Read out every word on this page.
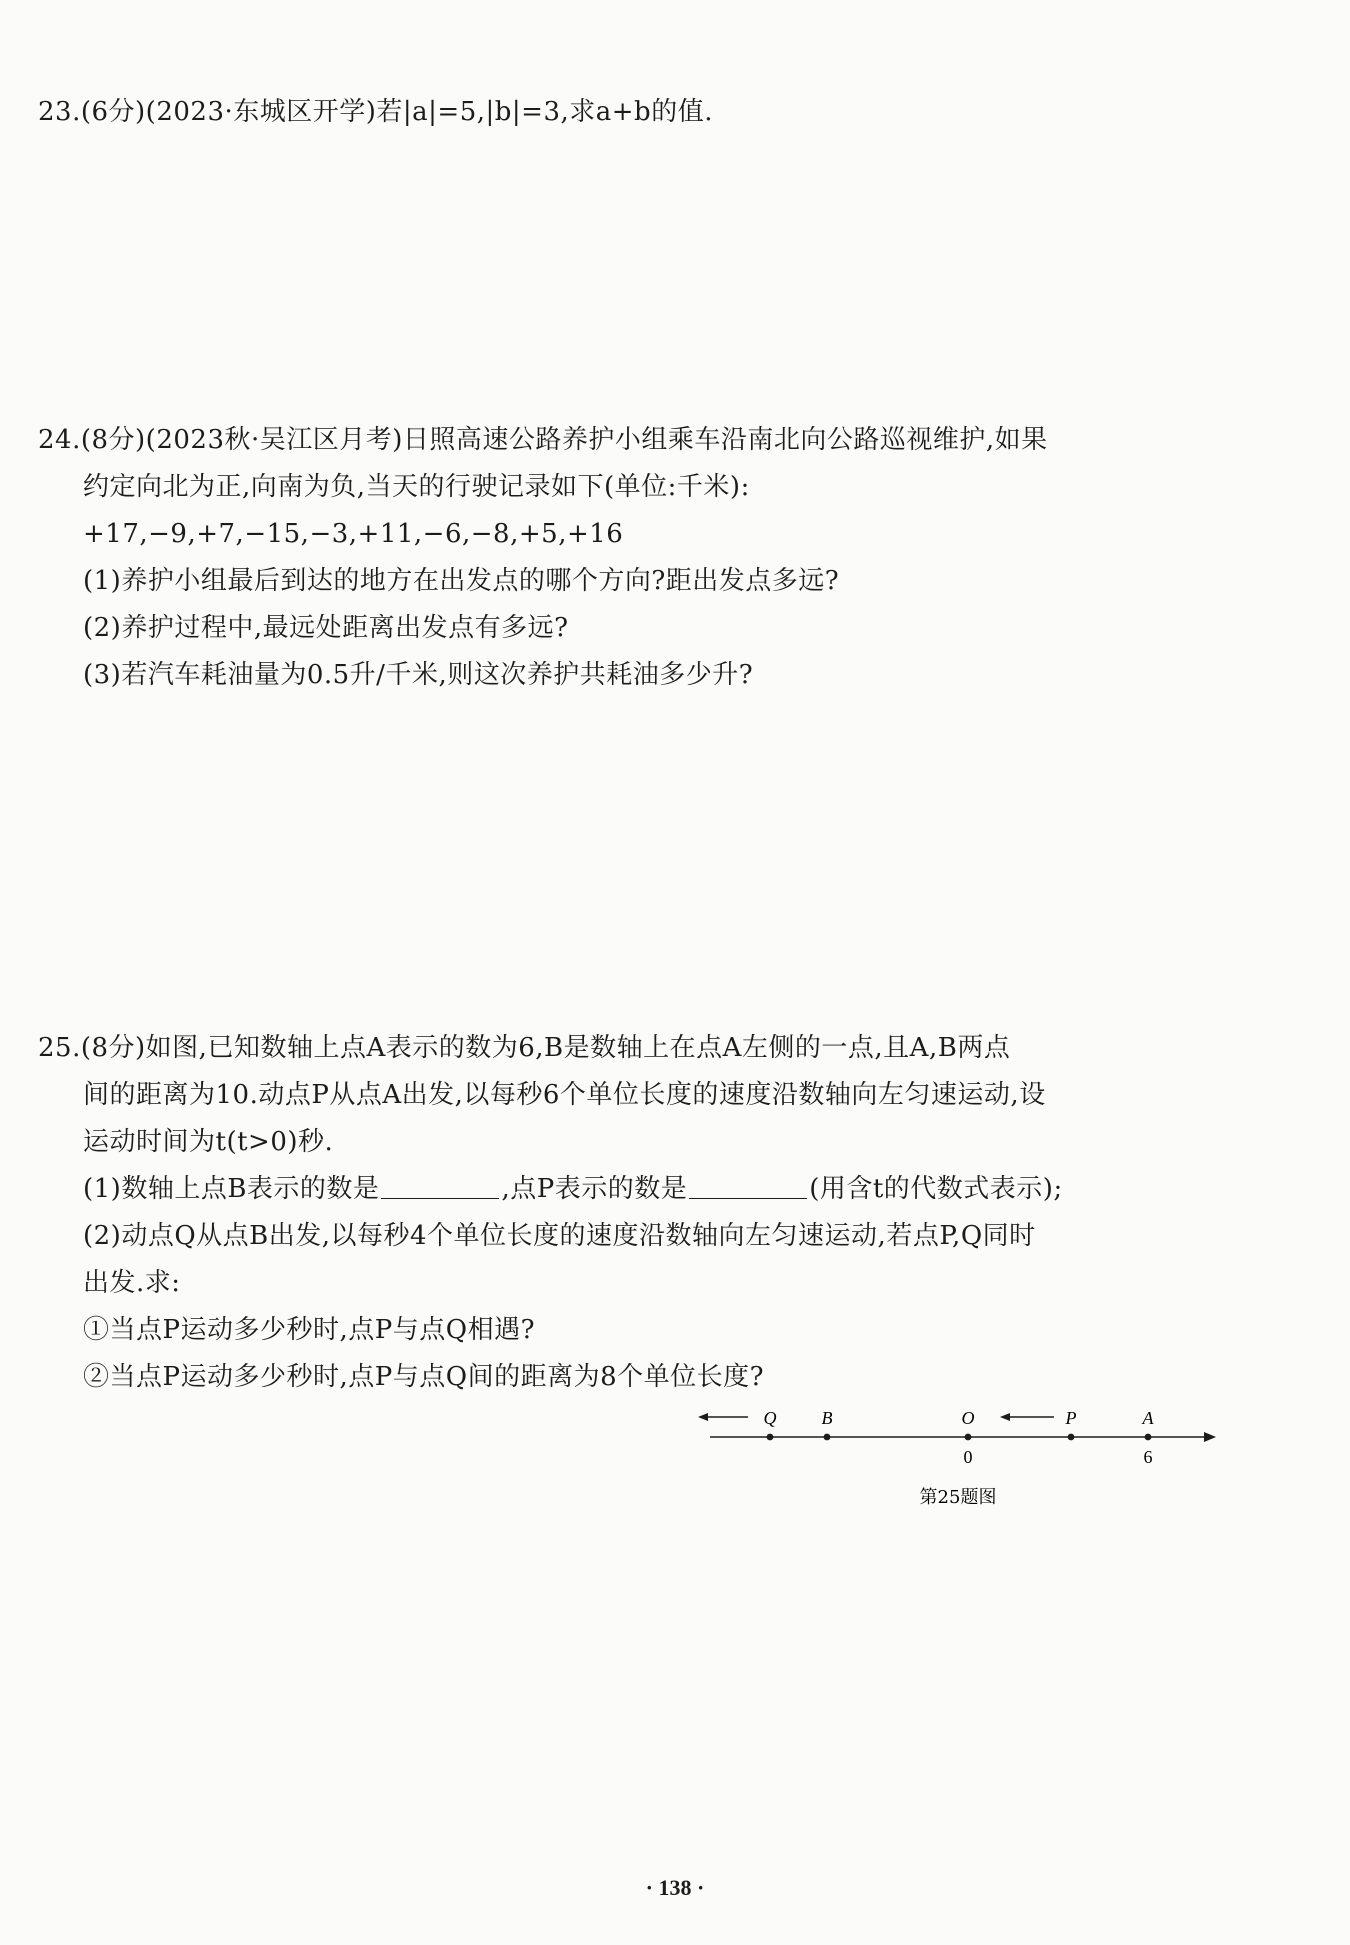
23.(6分)(2023·东城区开学)若|a|=5,|b|=3,求a+b的值.
24.(8分)(2023秋·吴江区月考)日照高速公路养护小组乘车沿南北向公路巡视维护,如果
约定向北为正,向南为负,当天的行驶记录如下(单位:千米):
+17,−9,+7,−15,−3,+11,−6,−8,+5,+16
(1)养护小组最后到达的地方在出发点的哪个方向?距出发点多远?
(2)养护过程中,最远处距离出发点有多远?
(3)若汽车耗油量为0.5升/千米,则这次养护共耗油多少升?
25.(8分)如图,已知数轴上点A表示的数为6,B是数轴上在点A左侧的一点,且A,B两点
间的距离为10.动点P从点A出发,以每秒6个单位长度的速度沿数轴向左匀速运动,设
运动时间为t(t>0)秒.
(1)数轴上点B表示的数是	,点P表示的数是	(用含t的代数式表示);
(2)动点Q从点B出发,以每秒4个单位长度的速度沿数轴向左匀速运动,若点P,Q同时
出发.求:
①当点P运动多少秒时,点P与点Q相遇?
②当点P运动多少秒时,点P与点Q间的距离为8个单位长度?
Q	B	O	P	A
0	6
第25题图
· 138 ·
